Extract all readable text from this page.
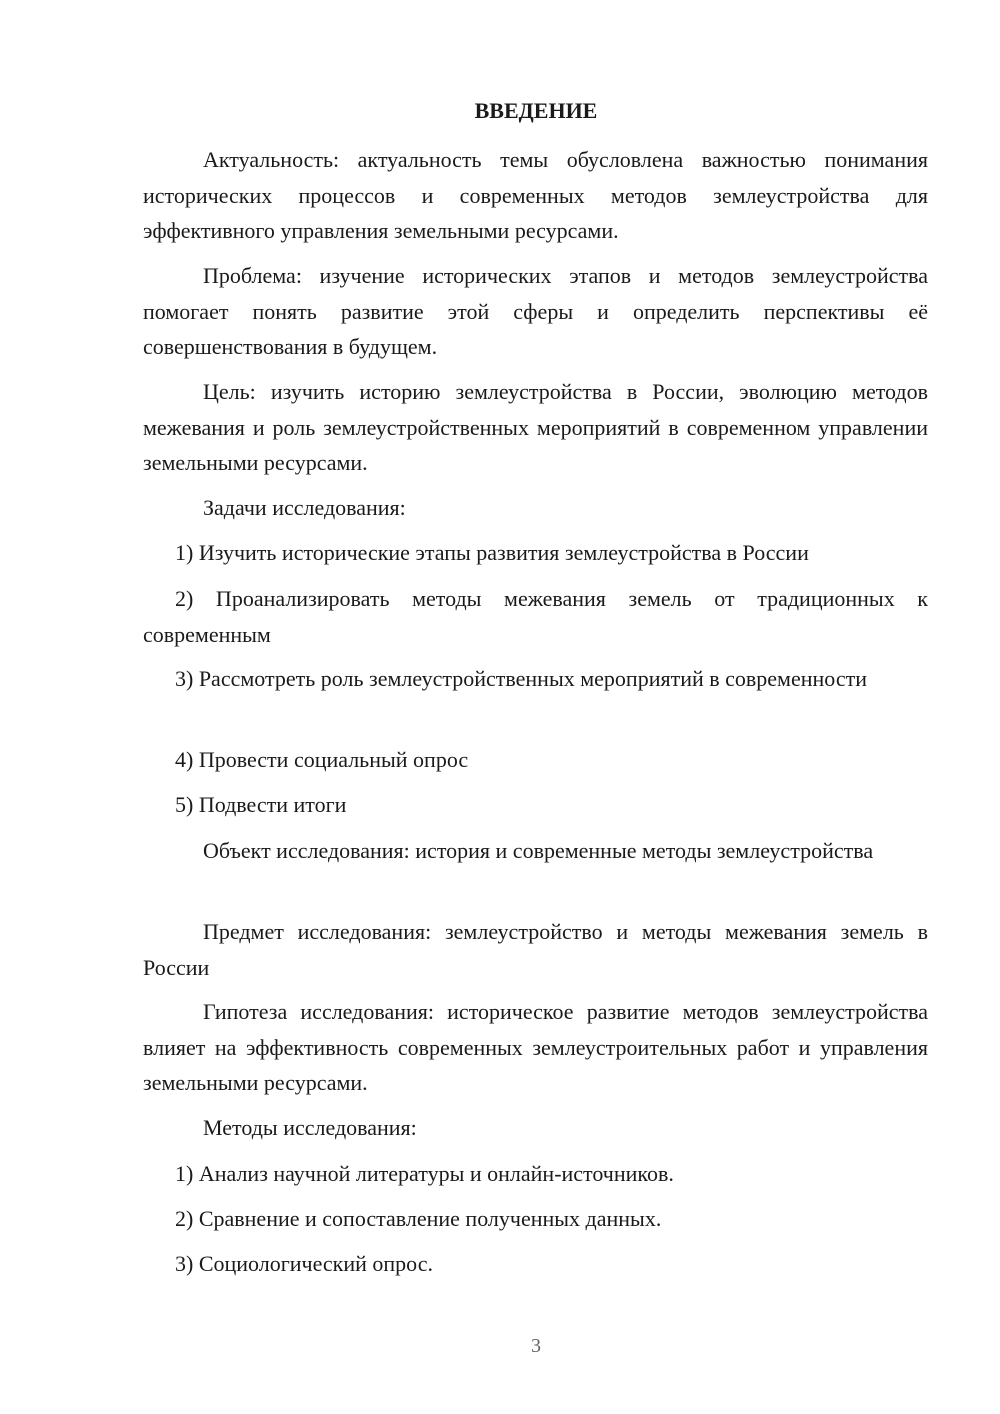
ВВЕДЕНИЕ

Актуальность: актуальность темы обусловлена важностью понимания исторических процессов и современных методов землеустройства для эффективного управления земельными ресурсами.

Проблема: изучение исторических этапов и методов землеустройства помогает понять развитие этой сферы и определить перспективы её совершенствования в будущем.

Цель: изучить историю землеустройства в России, эволюцию методов межевания и роль землеустройственных мероприятий в современном управлении земельными ресурсами.

Задачи исследования:

1) Изучить исторические этапы развития землеустройства в России

2) Проанализировать методы межевания земель от традиционных к современным

3) Рассмотреть роль землеустройственных мероприятий в современности

4) Провести социальный опрос

5) Подвести итоги

Объект исследования: история и современные методы землеустройства

Предмет исследования: землеустройство и методы межевания земель в России

Гипотеза исследования: историческое развитие методов землеустройства влияет на эффективность современных землеустроительных работ и управления земельными ресурсами.

Методы исследования:

1) Анализ научной литературы и онлайн-источников.

2) Сравнение и сопоставление полученных данных.

3) Социологический опрос.

3
